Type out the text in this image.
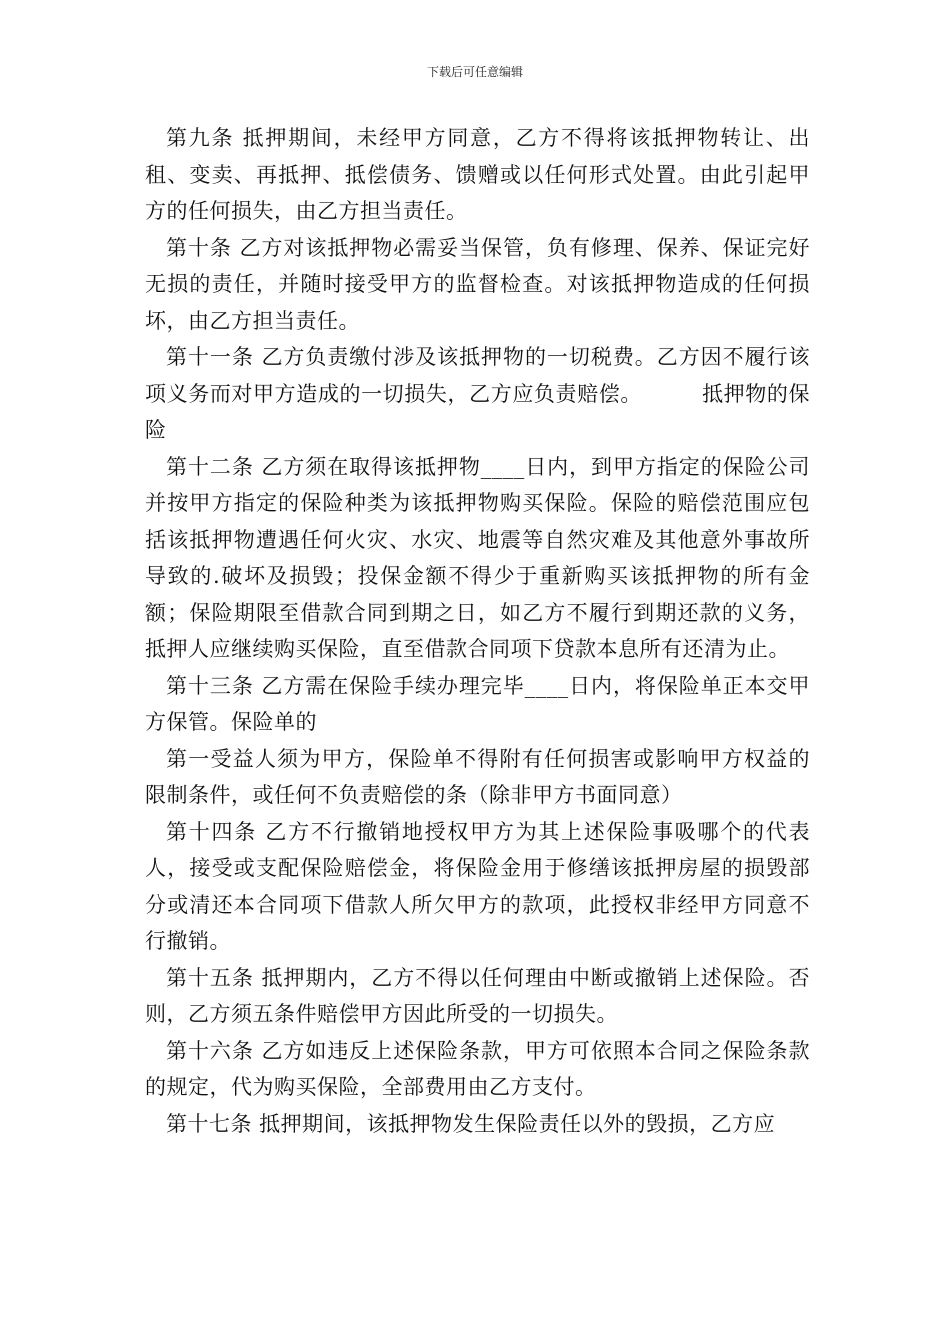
下载后可任意编辑

第九条 抵押期间，未经甲方同意，乙方不得将该抵押物转让、出租、变卖、再抵押、抵偿债务、馈赠或以任何形式处置。由此引起甲方的任何损失，由乙方担当责任。

第十条 乙方对该抵押物必需妥当保管，负有修理、保养、保证完好无损的责任，并随时接受甲方的监督检查。对该抵押物造成的任何损坏，由乙方担当责任。

第十一条 乙方负责缴付涉及该抵押物的一切税费。乙方因不履行该项义务而对甲方造成的一切损失，乙方应负责赔偿。	抵押物的保险

第十二条 乙方须在取得该抵押物____日内，到甲方指定的保险公司并按甲方指定的保险种类为该抵押物购买保险。保险的赔偿范围应包括该抵押物遭遇任何火灾、水灾、地震等自然灾难及其他意外事故所导致的.破坏及损毁；投保金额不得少于重新购买该抵押物的所有金额；保险期限至借款合同到期之日，如乙方不履行到期还款的义务，抵押人应继续购买保险，直至借款合同项下贷款本息所有还清为止。

第十三条 乙方需在保险手续办理完毕____日内，将保险单正本交甲方保管。保险单的

第一受益人须为甲方，保险单不得附有任何损害或影响甲方权益的限制条件，或任何不负责赔偿的条（除非甲方书面同意）

第十四条 乙方不行撤销地授权甲方为其上述保险事吸哪个的代表人，接受或支配保险赔偿金，将保险金用于修缮该抵押房屋的损毁部分或清还本合同项下借款人所欠甲方的款项，此授权非经甲方同意不行撤销。

第十五条 抵押期内，乙方不得以任何理由中断或撤销上述保险。否则，乙方须五条件赔偿甲方因此所受的一切损失。

第十六条 乙方如违反上述保险条款，甲方可依照本合同之保险条款的规定，代为购买保险，全部费用由乙方支付。

第十七条 抵押期间，该抵押物发生保险责任以外的毁损，乙方应
